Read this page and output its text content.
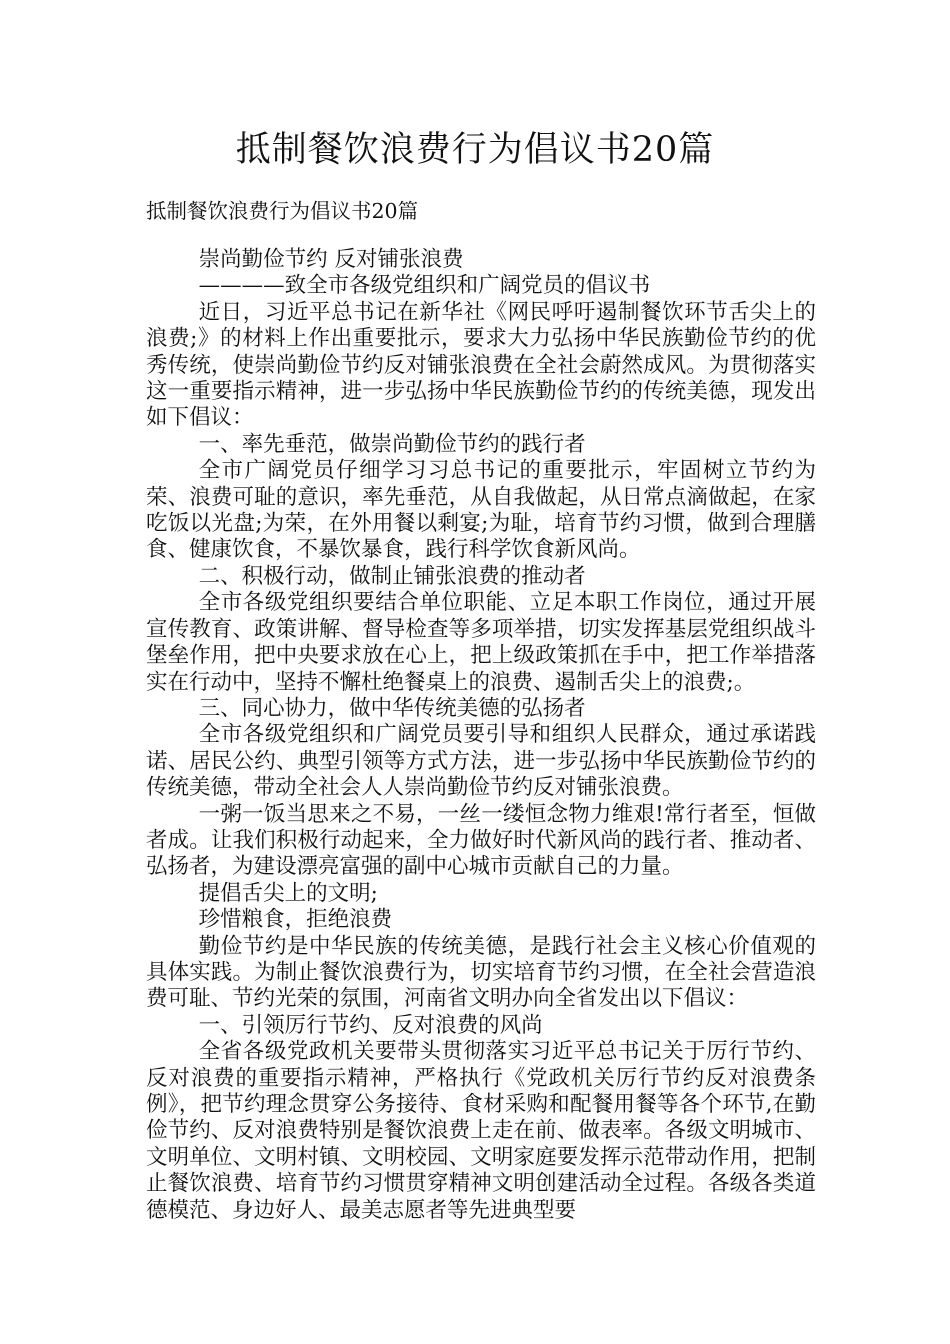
抵制餐饮浪费行为倡议书20篇
抵制餐饮浪费行为倡议书20篇

崇尚勤俭节约 反对铺张浪费

————致全市各级党组织和广阔党员的倡议书

近日，习近平总书记在新华社《网民呼吁遏制餐饮环节舌尖上的浪费;》的材料上作出重要批示，要求大力弘扬中华民族勤俭节约的优秀传统，使崇尚勤俭节约反对铺张浪费在全社会蔚然成风。为贯彻落实这一重要指示精神，进一步弘扬中华民族勤俭节约的传统美德，现发出如下倡议：

一、率先垂范，做崇尚勤俭节约的践行者

全市广阔党员仔细学习习总书记的重要批示，牢固树立节约为荣、浪费可耻的意识，率先垂范，从自我做起，从日常点滴做起，在家吃饭以光盘;为荣，在外用餐以剩宴;为耻，培育节约习惯，做到合理膳食、健康饮食，不暴饮暴食，践行科学饮食新风尚。

二、积极行动，做制止铺张浪费的推动者

全市各级党组织要结合单位职能、立足本职工作岗位，通过开展宣传教育、政策讲解、督导检查等多项举措，切实发挥基层党组织战斗堡垒作用，把中央要求放在心上，把上级政策抓在手中，把工作举措落实在行动中，坚持不懈杜绝餐桌上的浪费、遏制舌尖上的浪费;。

三、同心协力，做中华传统美德的弘扬者

全市各级党组织和广阔党员要引导和组织人民群众，通过承诺践诺、居民公约、典型引领等方式方法，进一步弘扬中华民族勤俭节约的传统美德，带动全社会人人崇尚勤俭节约反对铺张浪费。

一粥一饭当思来之不易，一丝一缕恒念物力维艰!常行者至，恒做者成。让我们积极行动起来，全力做好时代新风尚的践行者、推动者、弘扬者，为建设漂亮富强的副中心城市贡献自己的力量。

提倡舌尖上的文明;

珍惜粮食，拒绝浪费

勤俭节约是中华民族的传统美德，是践行社会主义核心价值观的具体实践。为制止餐饮浪费行为，切实培育节约习惯，在全社会营造浪费可耻、节约光荣的氛围，河南省文明办向全省发出以下倡议：

一、引领厉行节约、反对浪费的风尚

全省各级党政机关要带头贯彻落实习近平总书记关于厉行节约、反对浪费的重要指示精神，严格执行《党政机关厉行节约反对浪费条例》，把节约理念贯穿公务接待、食材采购和配餐用餐等各个环节,在勤俭节约、反对浪费特别是餐饮浪费上走在前、做表率。各级文明城市、文明单位、文明村镇、文明校园、文明家庭要发挥示范带动作用，把制止餐饮浪费、培育节约习惯贯穿精神文明创建活动全过程。各级各类道德模范、身边好人、最美志愿者等先进典型要
